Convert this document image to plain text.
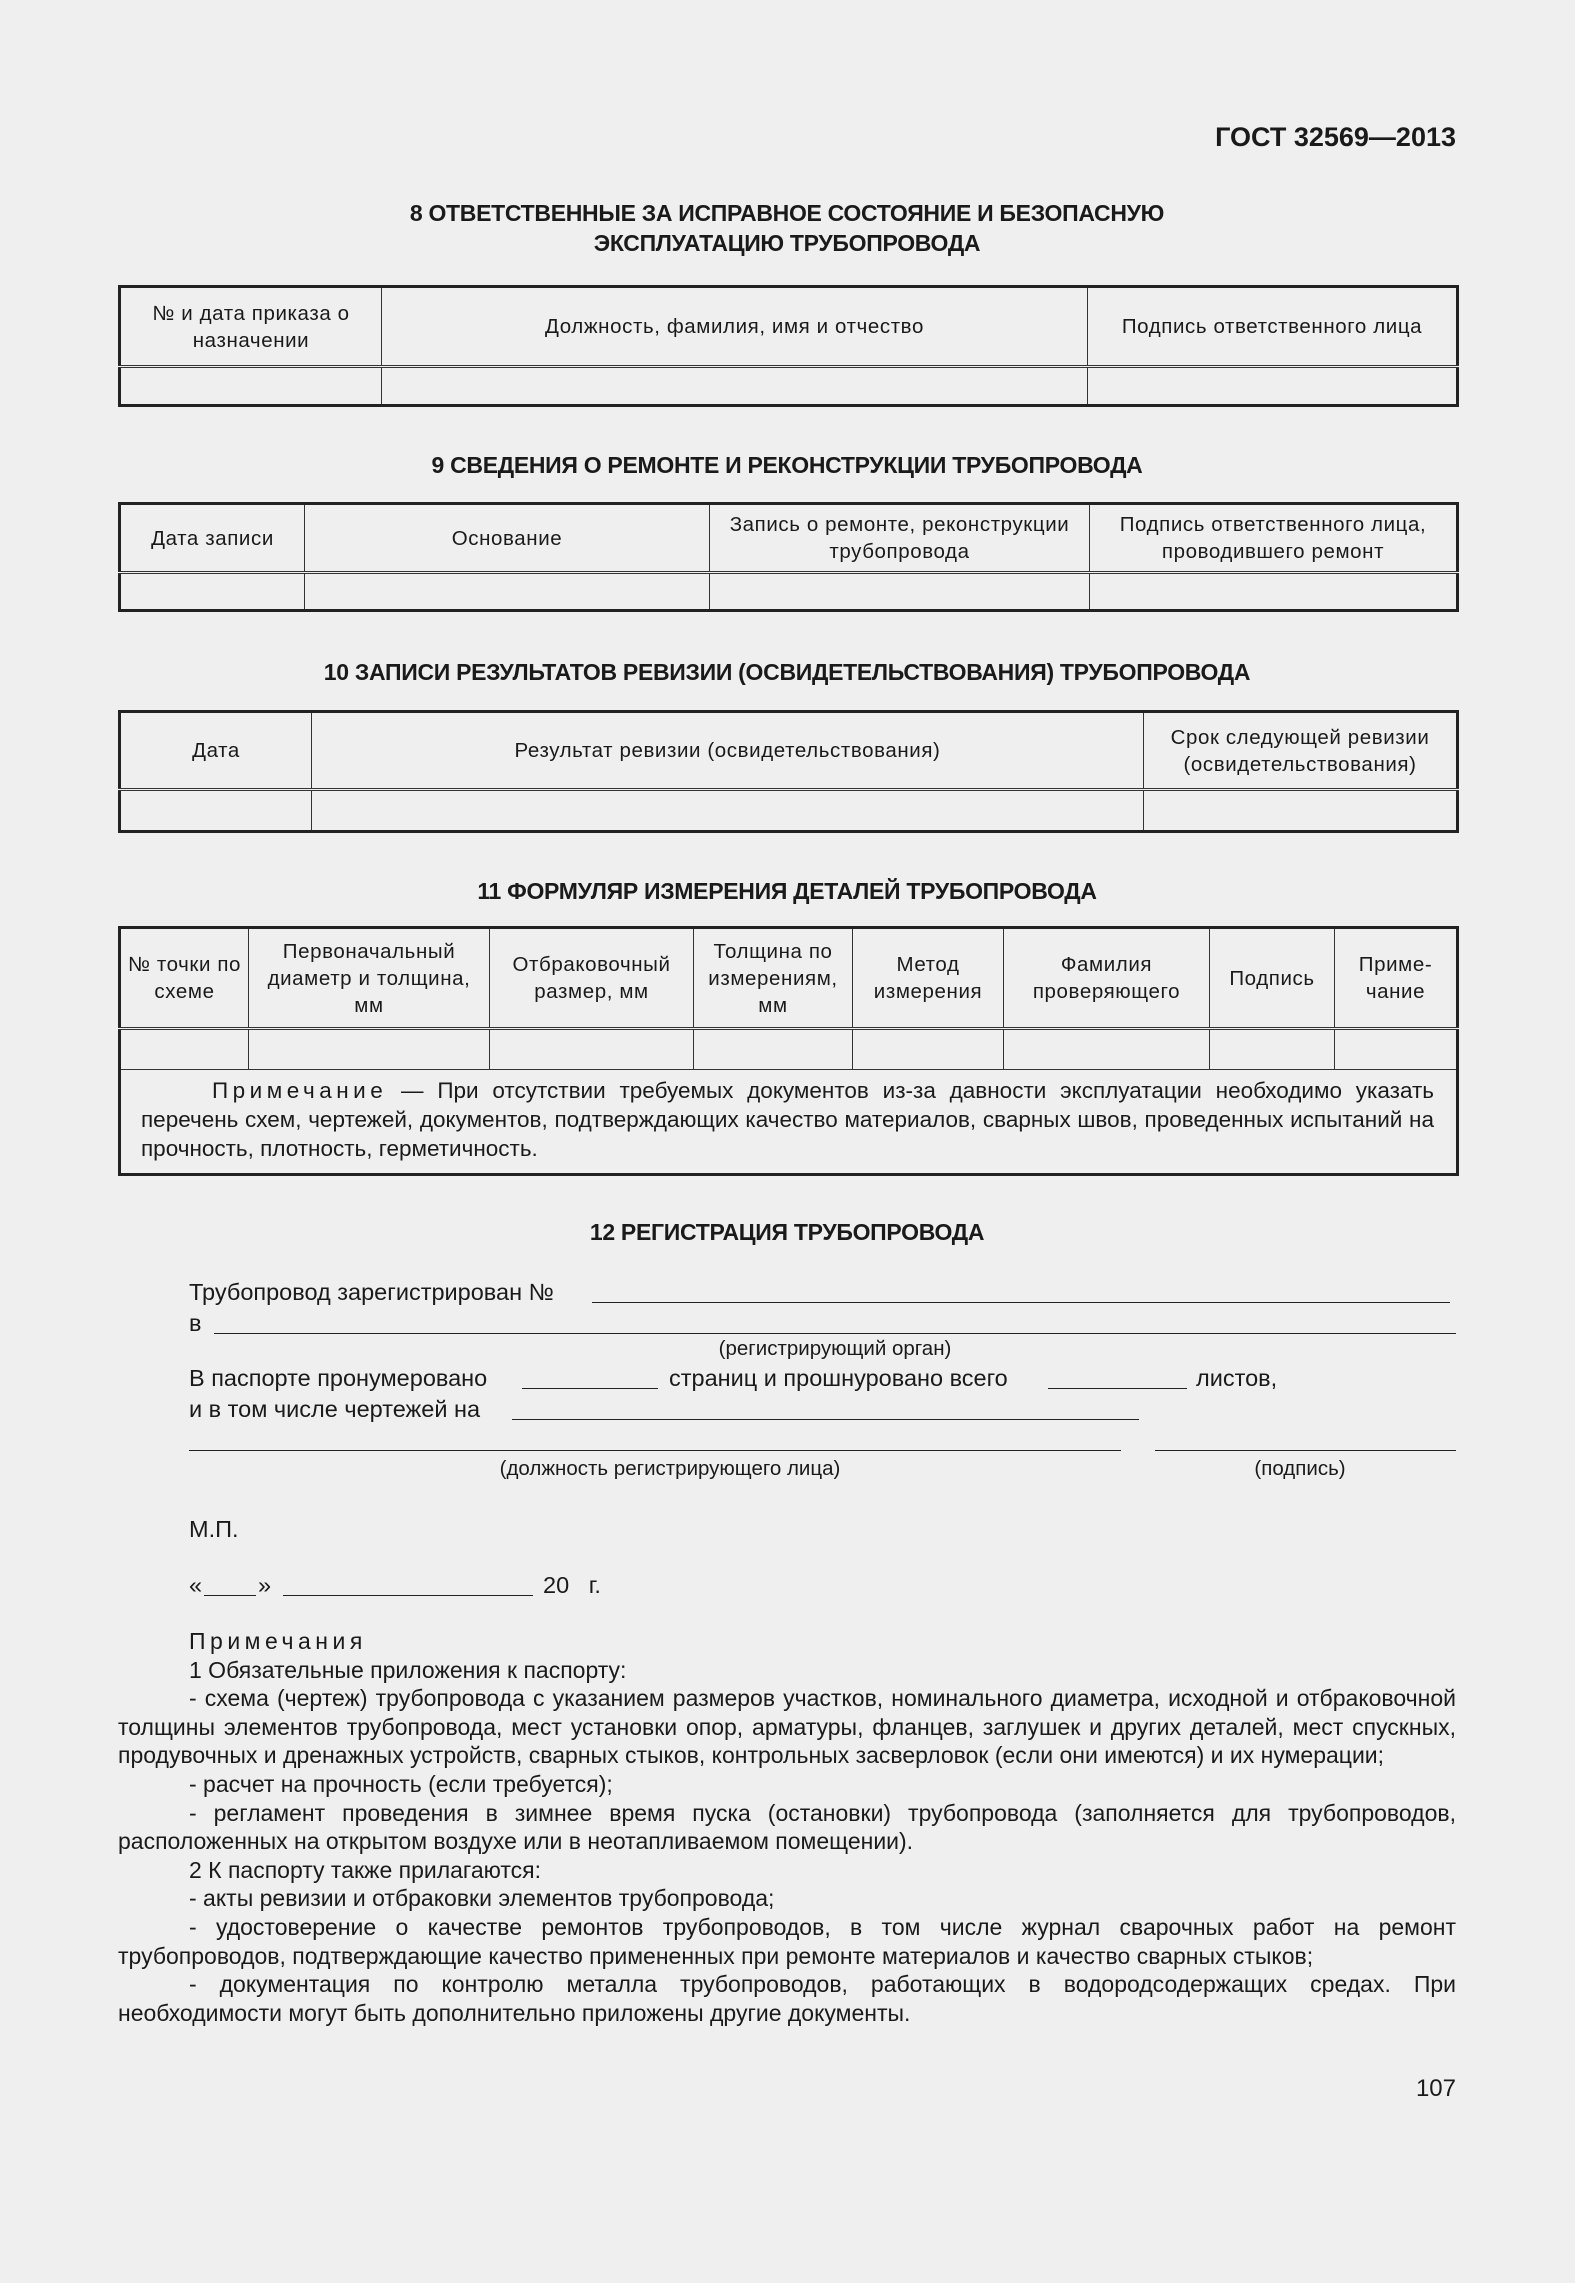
ГОСТ 32569—2013
8 ОТВЕТСТВЕННЫЕ ЗА ИСПРАВНОЕ СОСТОЯНИЕ И БЕЗОПАСНУЮ
ЭКСПЛУАТАЦИЮ ТРУБОПРОВОДА
№ и дата приказа о назначении	Должность, фамилия, имя и отчество	Подпись ответственного лица

9 СВЕДЕНИЯ О РЕМОНТЕ И РЕКОНСТРУКЦИИ ТРУБОПРОВОДА
Дата записи	Основание	Запись о ремонте, реконструкции трубопровода	Подпись ответственного лица, проводившего ремонт

10 ЗАПИСИ РЕЗУЛЬТАТОВ РЕВИЗИИ (ОСВИДЕТЕЛЬСТВОВАНИЯ) ТРУБОПРОВОДА
Дата	Результат ревизии (освидетельствования)	Срок следующей ревизии (освидетельствования)

11 ФОРМУЛЯР ИЗМЕРЕНИЯ ДЕТАЛЕЙ ТРУБОПРОВОДА
№ точки по схеме	Первоначальный диаметр и толщина, мм	Отбраковочный размер, мм	Толщина по измерениям, мм	Метод измерения	Фамилия проверяющего	Подпись	Приме-чание

Примечание — При отсутствии требуемых документов из-за давности эксплуатации необходимо указать перечень схем, чертежей, документов, подтверждающих качество материалов, сварных швов, проведенных испытаний на прочность, плотность, герметичность.							
12 РЕГИСТРАЦИЯ ТРУБОПРОВОДА
Трубопровод зарегистрирован №
в
(регистрирующий орган)
В паспорте пронумеровано	страниц и прошнуровано всего	листов,
и в том числе чертежей на
(должность регистрирующего лица)	(подпись)
М.П.
« »	20   г.

Примечания

1 Обязательные приложения к паспорту:

- схема (чертеж) трубопровода с указанием размеров участков, номинального диаметра, исходной и отбраковочной толщины элементов трубопровода, мест установки опор, арматуры, фланцев, заглушек и других деталей, мест спускных, продувочных и дренажных устройств, сварных стыков, контрольных засверловок (если они имеются) и их нумерации;

- расчет на прочность (если требуется);

- регламент проведения в зимнее время пуска (остановки) трубопровода (заполняется для трубопроводов, расположенных на открытом воздухе или в неотапливаемом помещении).

2 К паспорту также прилагаются:

- акты ревизии и отбраковки элементов трубопровода;

- удостоверение о качестве ремонтов трубопроводов, в том числе журнал сварочных работ на ремонт трубопроводов, подтверждающие качество примененных при ремонте материалов и качество сварных стыков;

- документация по контролю металла трубопроводов, работающих в водородсодержащих средах. При необходимости могут быть дополнительно приложены другие документы.

107
